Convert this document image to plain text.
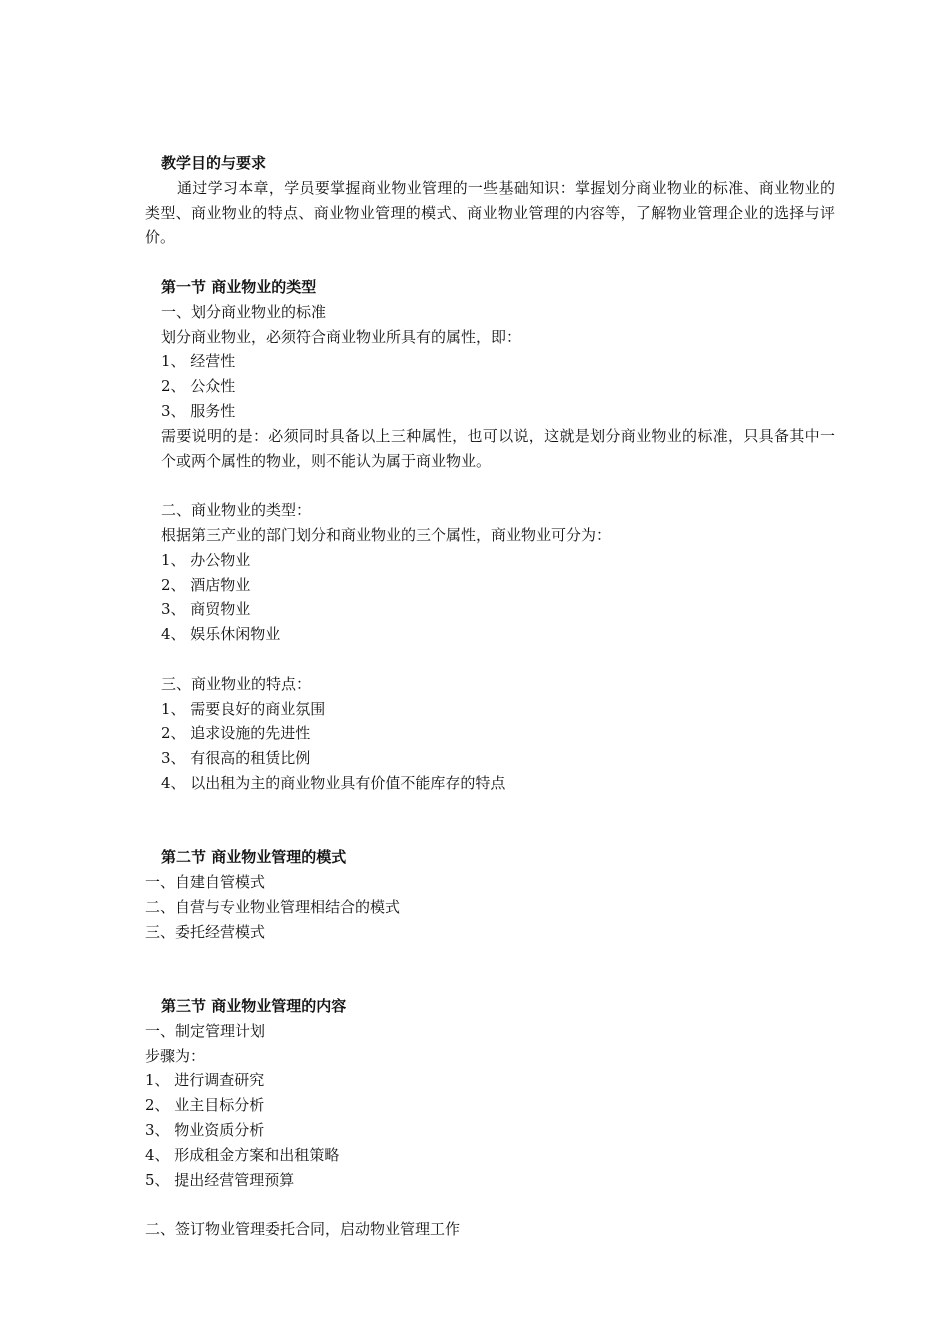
教学目的与要求
通过学习本章，学员要掌握商业物业管理的一些基础知识：掌握划分商业物业的标准、商业物业的类型、商业物业的特点、商业物业管理的模式、商业物业管理的内容等，了解物业管理企业的选择与评价。
第一节 商业物业的类型
一、划分商业物业的标准
划分商业物业，必须符合商业物业所具有的属性，即：
1、 经营性
2、 公众性
3、 服务性
需要说明的是：必须同时具备以上三种属性，也可以说，这就是划分商业物业的标准，只具备其中一个或两个属性的物业，则不能认为属于商业物业。
二、商业物业的类型：
根据第三产业的部门划分和商业物业的三个属性，商业物业可分为：
1、 办公物业
2、 酒店物业
3、 商贸物业
4、 娱乐休闲物业
三、商业物业的特点：
1、 需要良好的商业氛围
2、 追求设施的先进性
3、 有很高的租赁比例
4、 以出租为主的商业物业具有价值不能库存的特点
第二节 商业物业管理的模式
一、自建自管模式
二、自营与专业物业管理相结合的模式
三、委托经营模式
第三节 商业物业管理的内容
一、制定管理计划
步骤为：
1、 进行调查研究
2、 业主目标分析
3、 物业资质分析
4、 形成租金方案和出租策略
5、 提出经营管理预算
二、签订物业管理委托合同，启动物业管理工作
